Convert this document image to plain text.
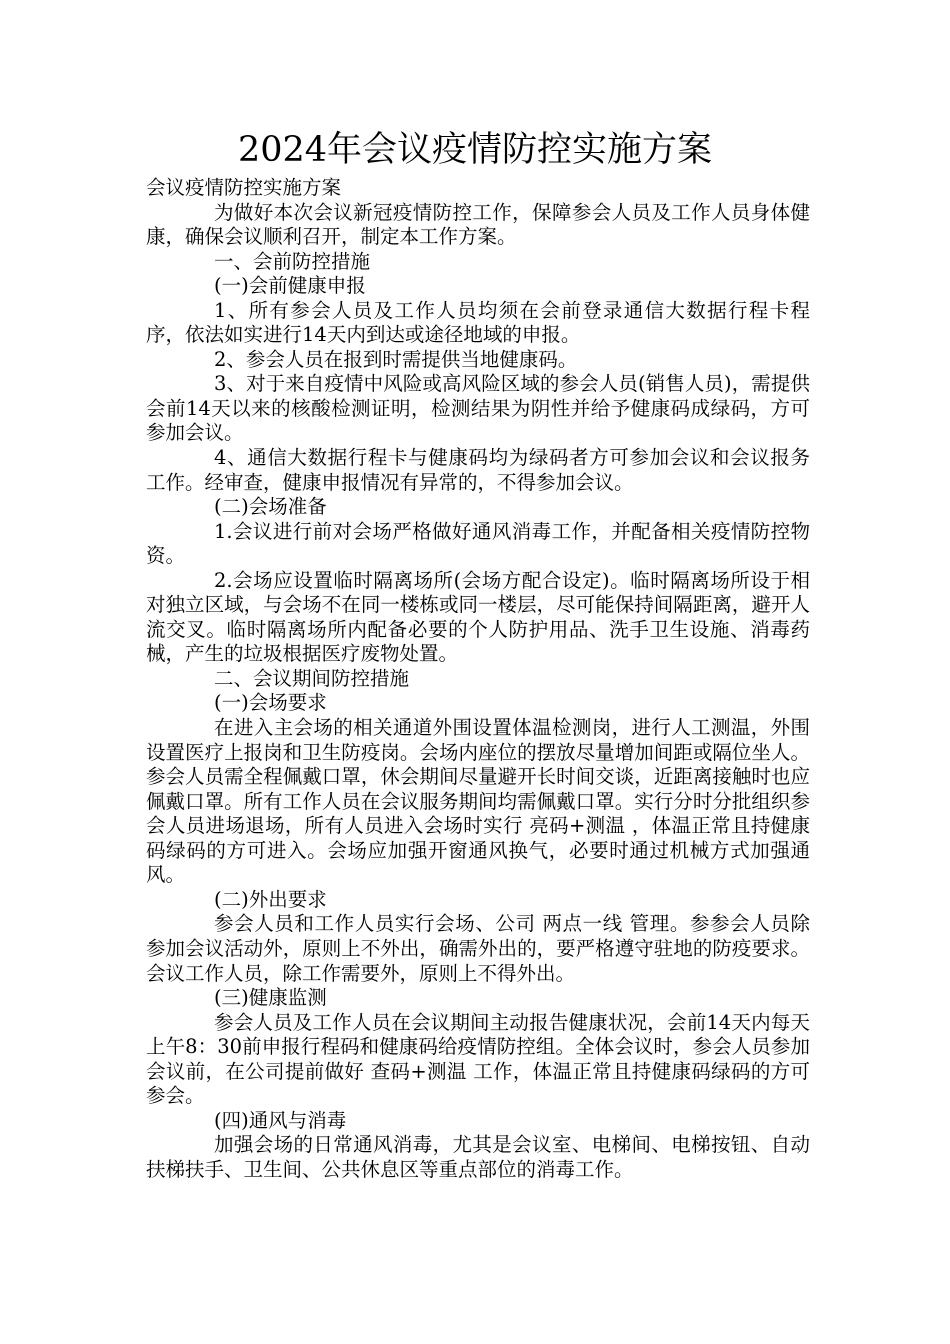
2024年会议疫情防控实施方案

会议疫情防控实施方案

为做好本次会议新冠疫情防控工作，保障参会人员及工作人员身体健康，确保会议顺利召开，制定本工作方案。

一、会前防控措施

(一)会前健康申报

1、所有参会人员及工作人员均须在会前登录通信大数据行程卡程序，依法如实进行14天内到达或途径地域的申报。

2、参会人员在报到时需提供当地健康码。

3、对于来自疫情中风险或高风险区域的参会人员(销售人员)，需提供会前14天以来的核酸检测证明，检测结果为阴性并给予健康码成绿码，方可参加会议。

4、通信大数据行程卡与健康码均为绿码者方可参加会议和会议报务工作。经审查，健康申报情况有异常的，不得参加会议。

(二)会场准备

1.会议进行前对会场严格做好通风消毒工作，并配备相关疫情防控物资。

2.会场应设置临时隔离场所(会场方配合设定)。临时隔离场所设于相对独立区域，与会场不在同一楼栋或同一楼层，尽可能保持间隔距离，避开人流交叉。临时隔离场所内配备必要的个人防护用品、洗手卫生设施、消毒药械，产生的垃圾根据医疗废物处置。

二、会议期间防控措施

(一)会场要求

在进入主会场的相关通道外围设置体温检测岗，进行人工测温，外围设置医疗上报岗和卫生防疫岗。会场内座位的摆放尽量增加间距或隔位坐人。参会人员需全程佩戴口罩，休会期间尽量避开长时间交谈，近距离接触时也应佩戴口罩。所有工作人员在会议服务期间均需佩戴口罩。实行分时分批组织参会人员进场退场，所有人员进入会场时实行 亮码+测温 ，体温正常且持健康码绿码的方可进入。会场应加强开窗通风换气，必要时通过机械方式加强通风。

(二)外出要求

参会人员和工作人员实行会场、公司 两点一线 管理。参参会人员除参加会议活动外，原则上不外出，确需外出的，要严格遵守驻地的防疫要求。会议工作人员，除工作需要外，原则上不得外出。

(三)健康监测

参会人员及工作人员在会议期间主动报告健康状况，会前14天内每天上午8：30前申报行程码和健康码给疫情防控组。全体会议时，参会人员参加会议前，在公司提前做好 查码+测温 工作，体温正常且持健康码绿码的方可参会。

(四)通风与消毒

加强会场的日常通风消毒，尤其是会议室、电梯间、电梯按钮、自动扶梯扶手、卫生间、公共休息区等重点部位的消毒工作。
